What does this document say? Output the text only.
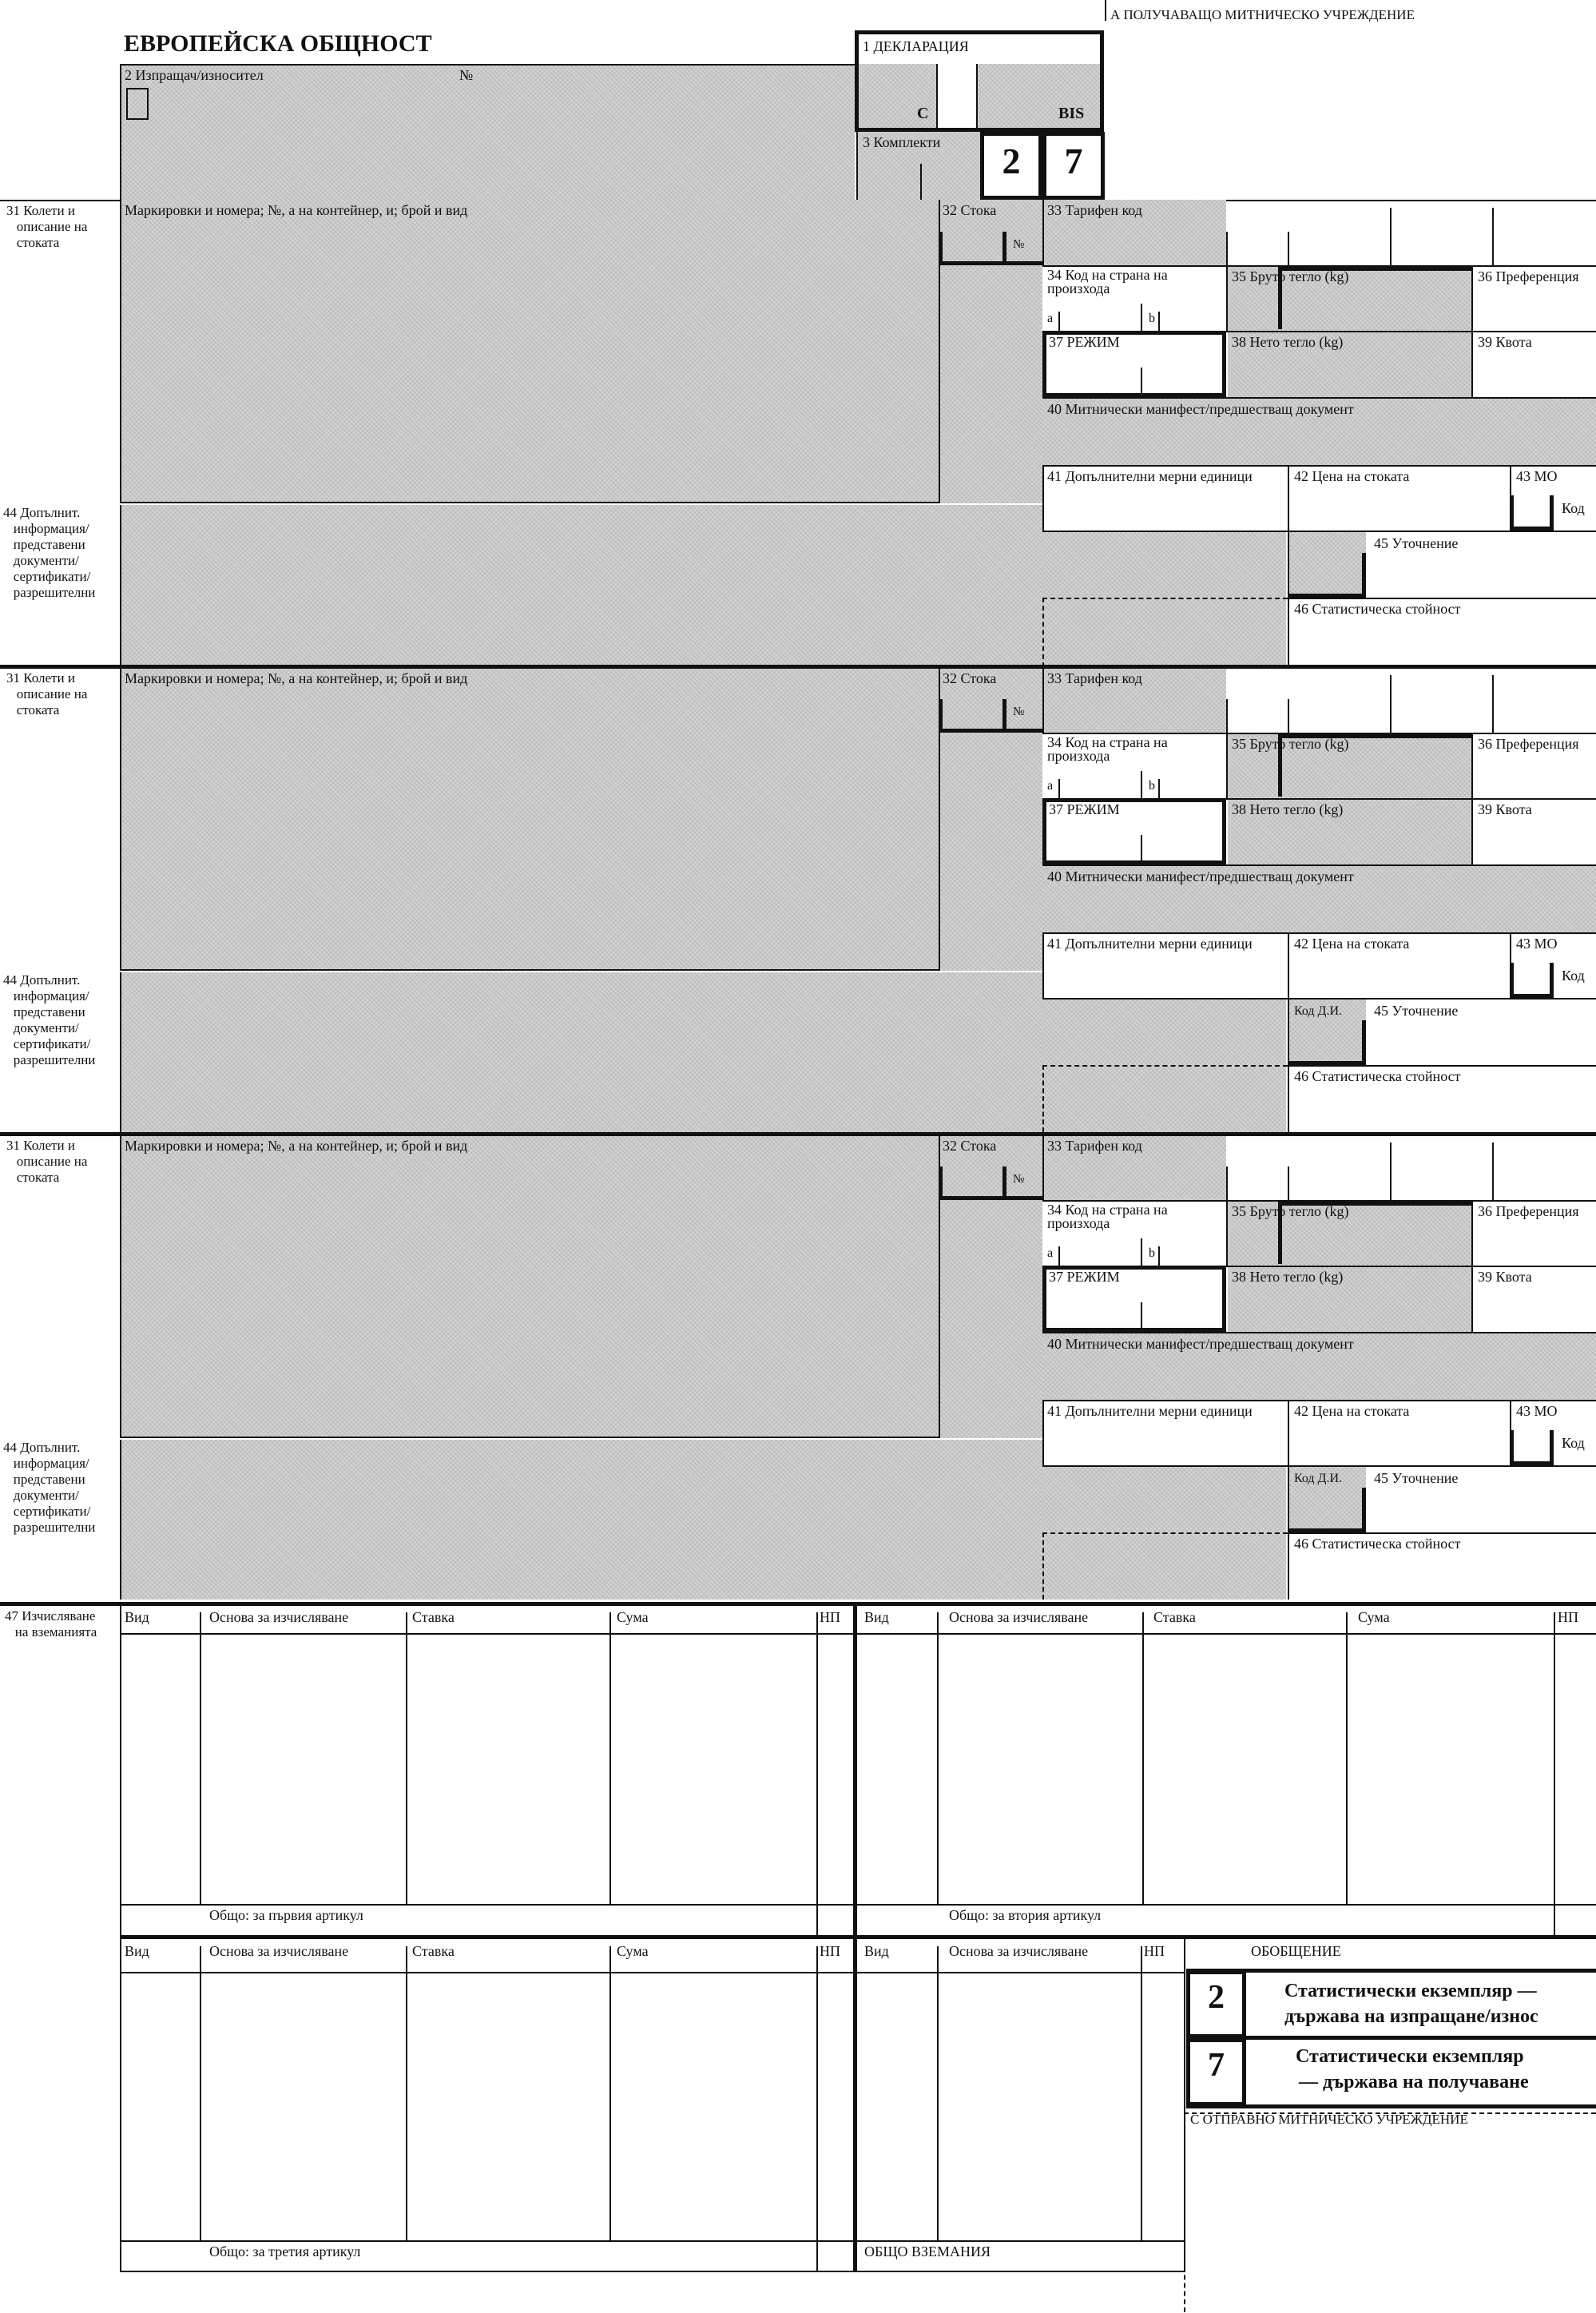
А ПОЛУЧАВАЩО МИТНИЧЕСКО УЧРЕЖДЕНИЕ
ЕВРОПЕЙСКА ОБЩНОСТ
2 Изпращач/износител	№
1 ДЕКЛАРАЦИЯ
С	BIS
3 Комплекти	2	7
31 Колети и
описание на
стоката
Маркировки и номера; №, а на контейнер, и; брой и вид	32 Стока
№
33 Тарифен код
34 Код на страна на произхода
a	b
35 Бруто тегло (kg)	36 Преференция
37 РЕЖИМ	38 Нето тегло (kg)	39 Квота
40 Митнически манифест/предшестващ документ
41 Допълнителни мерни единици	42 Цена на стоката	43 МО
Код
44 Допълнит.
информация/
представени
документи/
сертификати/
разрешителни
45 Уточнение
46 Статистическа стойност
31 Колети и
описание на
стоката
Маркировки и номера; №, а на контейнер, и; брой и вид	32 Стока
№
33 Тарифен код
34 Код на страна на произхода
a	b
35 Бруто тегло (kg)	36 Преференция
37 РЕЖИМ	38 Нето тегло (kg)	39 Квота
40 Митнически манифест/предшестващ документ
41 Допълнителни мерни единици	42 Цена на стоката	43 МО
Код
44 Допълнит.
информация/
представени
документи/
сертификати/
разрешителни
Код Д.И. 45 Уточнение
46 Статистическа стойност
31 Колети и
описание на
стоката
Маркировки и номера; №, а на контейнер, и; брой и вид	32 Стока
№
33 Тарифен код
34 Код на страна на произхода
a	b
35 Бруто тегло (kg)	36 Преференция
37 РЕЖИМ	38 Нето тегло (kg)	39 Квота
40 Митнически манифест/предшестващ документ
41 Допълнителни мерни единици	42 Цена на стоката	43 МО
Код
44 Допълнит.
информация/
представени
документи/
сертификати/
разрешителни
Код Д.И. 45 Уточнение
46 Статистическа стойност
47 Изчисляване
на вземанията
Вид	Основа за изчисляване	Ставка	Сума	НП
Общо: за първия артикул
Вид	Основа за изчисляване	Ставка	Сума	НП
Общо: за втория артикул
Вид	Основа за изчисляване	Ставка	Сума	НП
Общо: за третия артикул
Вид	Основа за изчисляване	НП
ОБЩО ВЗЕМАНИЯ
ОБОБЩЕНИЕ
2	Статистически екземпляр —
държава на изпращане/износ
7	Статистически екземпляр
— държава на получаване
С ОТПРАВНО МИТНИЧЕСКО УЧРЕЖДЕНИЕ
